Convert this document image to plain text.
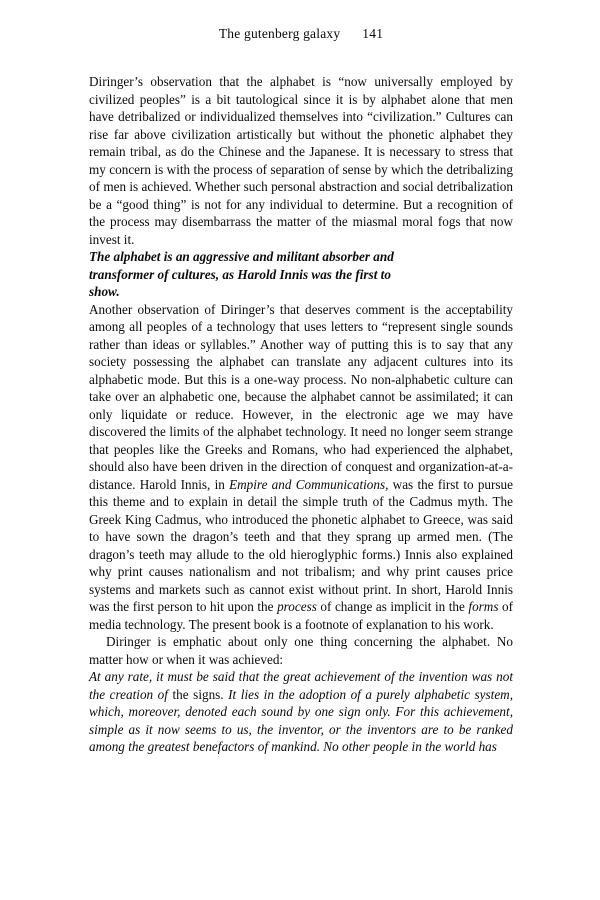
The gutenberg galaxy 141

Diringer’s observation that the alphabet is “now universally employed by civilized peoples” is a bit tautological since it is by alphabet alone that men have detribalized or individualized themselves into “civilization.” Cultures can rise far above civilization artistically but without the phonetic alphabet they remain tribal, as do the Chinese and the Japanese. It is necessary to stress that my concern is with the process of separation of sense by which the detribalizing of men is achieved. Whether such personal abstraction and social detribalization be a “good thing” is not for any individual to determine. But a recognition of the process may disembarrass the matter of the miasmal moral fogs that now invest it.

The alphabet is an aggressive and militant absorber and transformer of cultures, as Harold Innis was the first to show.

Another observation of Diringer’s that deserves comment is the acceptability among all peoples of a technology that uses letters to “represent single sounds rather than ideas or syllables.” Another way of putting this is to say that any society possessing the alphabet can translate any adjacent cultures into its alphabetic mode. But this is a one-way process. No non-alphabetic culture can take over an alphabetic one, because the alphabet cannot be assimilated; it can only liquidate or reduce. However, in the electronic age we may have discovered the limits of the alphabet technology. It need no longer seem strange that peoples like the Greeks and Romans, who had experienced the alphabet, should also have been driven in the direction of conquest and organization-at-a-distance. Harold Innis, in Empire and Communications, was the first to pursue this theme and to explain in detail the simple truth of the Cadmus myth. The Greek King Cadmus, who introduced the phonetic alphabet to Greece, was said to have sown the dragon’s teeth and that they sprang up armed men. (The dragon’s teeth may allude to the old hieroglyphic forms.) Innis also explained why print causes nationalism and not tribalism; and why print causes price systems and markets such as cannot exist without print. In short, Harold Innis was the first person to hit upon the process of change as implicit in the forms of media technology. The present book is a footnote of explanation to his work.

Diringer is emphatic about only one thing concerning the alphabet. No matter how or when it was achieved:

At any rate, it must be said that the great achievement of the invention was not the creation of the signs. It lies in the adoption of a purely alphabetic system, which, moreover, denoted each sound by one sign only. For this achievement, simple as it now seems to us, the inventor, or the inventors are to be ranked among the greatest benefactors of mankind. No other people in the world has
